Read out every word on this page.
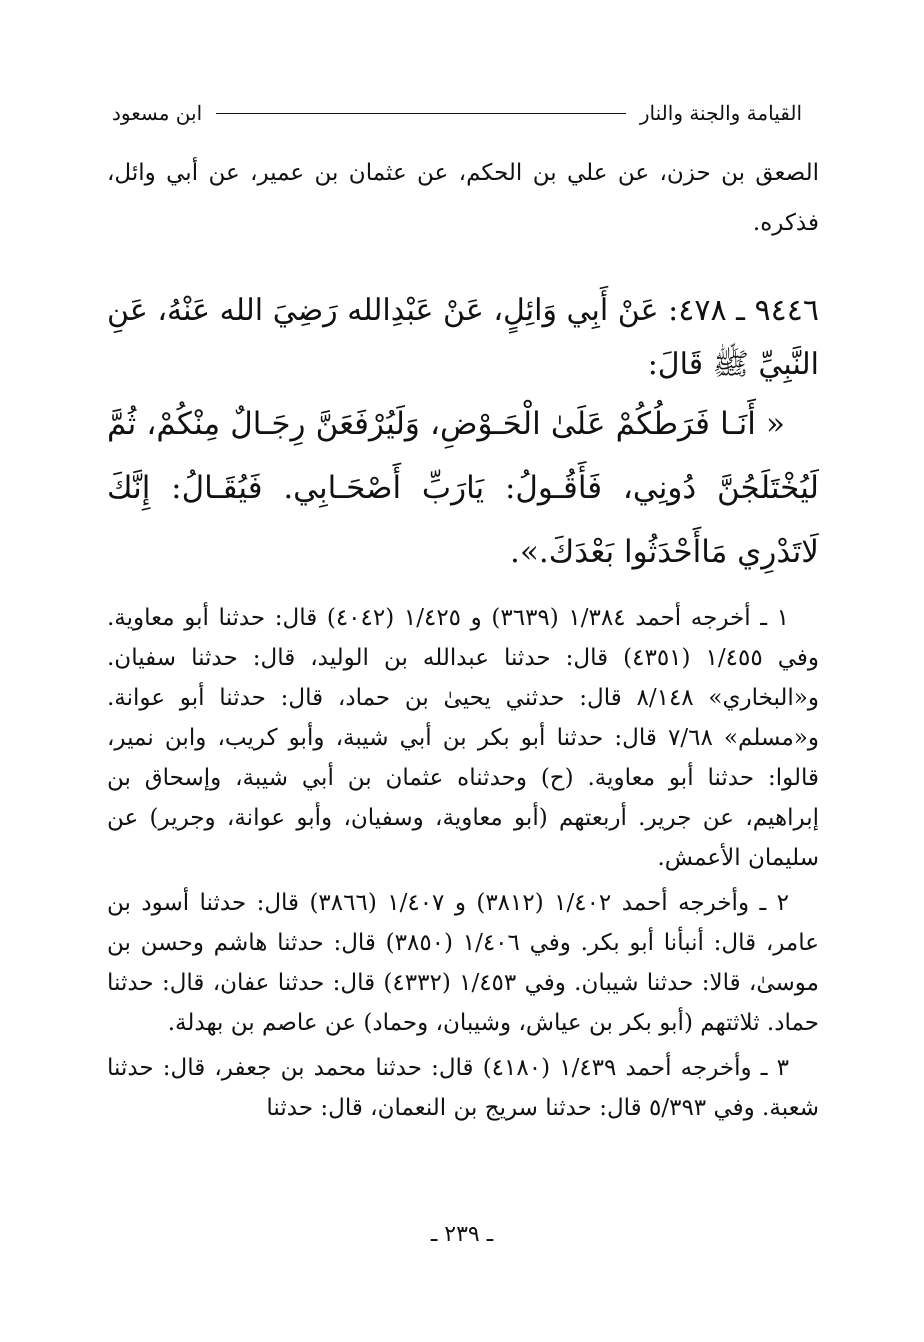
القيامة والجنة والنار
ابن مسعود

الصعق بن حزن، عن علي بن الحكم، عن عثمان بن عمير، عن أبي وائل، فذكره.

٩٤٤٦ ـ ٤٧٨: عَنْ أَبِي وَائِلٍ، عَنْ عَبْدِالله رَضِيَ الله عَنْهُ، عَنِ النَّبِيِّ ﷺ قَالَ:

« أَنَـا فَرَطُكُمْ عَلَىٰ الْحَـوْضِ، وَلَيُرْفَعَنَّ رِجَـالٌ مِنْكُمْ، ثُمَّ لَيُخْتَلَجُنَّ دُونِي، فَأَقُـولُ: يَارَبِّ أَصْحَـابِي. فَيُقَـالُ: إِنَّكَ لَاتَدْرِي مَاأَحْدَثُوا بَعْدَكَ.».

١ ـ أخرجه أحمد ١/٣٨٤ (٣٦٣٩) و ١/٤٢٥ (٤٠٤٢) قال: حدثنا أبو معاوية. وفي ١/٤٥٥ (٤٣٥١) قال: حدثنا عبدالله بن الوليد، قال: حدثنا سفيان. و«البخاري» ٨/١٤٨ قال: حدثني يحيىٰ بن حماد، قال: حدثنا أبو عوانة. و«مسلم» ٧/٦٨ قال: حدثنا أبو بكر بن أبي شيبة، وأبو كريب، وابن نمير، قالوا: حدثنا أبو معاوية. (ح) وحدثناه عثمان بن أبي شيبة، وإسحاق بن إبراهيم، عن جرير. أربعتهم (أبو معاوية، وسفيان، وأبو عوانة، وجرير) عن سليمان الأعمش.

٢ ـ وأخرجه أحمد ١/٤٠٢ (٣٨١٢) و ١/٤٠٧ (٣٨٦٦) قال: حدثنا أسود بن عامر، قال: أنبأنا أبو بكر. وفي ١/٤٠٦ (٣٨٥٠) قال: حدثنا هاشم وحسن بن موسىٰ، قالا: حدثنا شيبان. وفي ١/٤٥٣ (٤٣٣٢) قال: حدثنا عفان، قال: حدثنا حماد. ثلاثتهم (أبو بكر بن عياش، وشيبان، وحماد) عن عاصم بن بهدلة.

٣ ـ وأخرجه أحمد ١/٤٣٩ (٤١٨٠) قال: حدثنا محمد بن جعفر، قال: حدثنا شعبة. وفي ٥/٣٩٣ قال: حدثنا سريج بن النعمان، قال: حدثنا

ـ ٢٣٩ ـ
